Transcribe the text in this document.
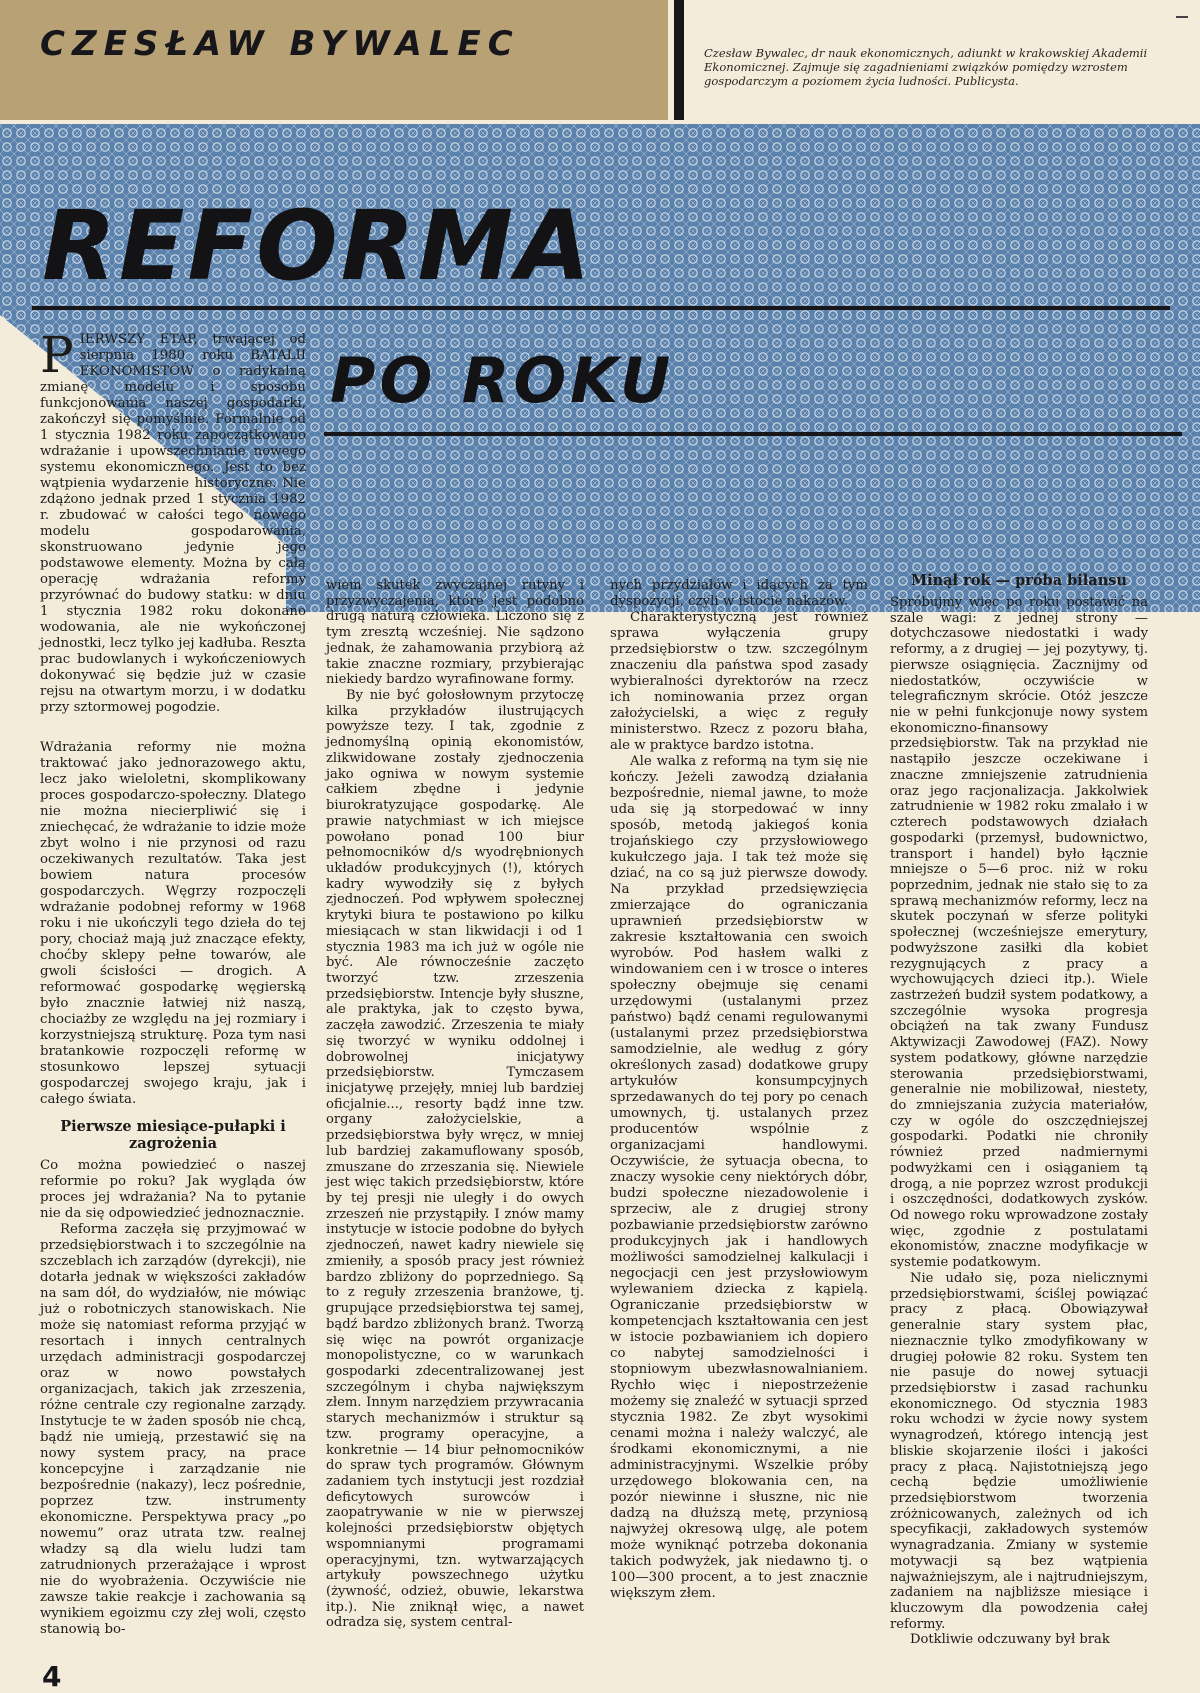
CZESŁAW BYWALEC	Czesław Bywalec, dr nauk ekonomicznych, adiunkt w krakowskiej Akademii Ekonomicznej. Zajmuje się zagadnieniami związków pomiędzy wzrostem gospodarczym a poziomem życia ludności. Publicysta.
REFORMA
PO ROKU

PIERWSZY ETAP, trwającej od sierpnia 1980 roku BATALII EKONOMISTÓW o radykalną zmianę modelu i sposobu funkcjonowania naszej gospodarki, zakończył się pomyślnie. Formalnie od 1 stycznia 1982 roku zapoczątkowano wdrażanie i upowszechnianie nowego systemu ekonomicznego. Jest to bez wątpienia wydarzenie historyczne. Nie zdążono jednak przed 1 stycznia 1982 r. zbudować w całości tego nowego modelu gospodarowania, skonstruowano jedynie jego podstawowe elementy. Można by całą operację wdrażania reformy przyrównać do budowy statku: w dniu 1 stycznia 1982 roku dokonano wodowania, ale nie wykończonej jednostki, lecz tylko jej kadłuba. Reszta prac budowlanych i wykończeniowych dokonywać się będzie już w czasie rejsu na otwartym morzu, i w dodatku przy sztormowej pogodzie.

Wdrażania reformy nie można traktować jako jednorazowego aktu, lecz jako wieloletni, skomplikowany proces gospodarczo-społeczny. Dlatego nie można niecierpliwić się i zniechęcać, że wdrażanie to idzie może zbyt wolno i nie przynosi od razu oczekiwanych rezultatów. Taka jest bowiem natura procesów gospodarczych. Węgrzy rozpoczęli wdrażanie podobnej reformy w 1968 roku i nie ukończyli tego dzieła do tej pory, chociaż mają już znaczące efekty, choćby sklepy pełne towarów, ale gwoli ścisłości — drogich. A reformować gospodarkę węgierską było znacznie łatwiej niż naszą, chociażby ze względu na jej rozmiary i korzystniejszą strukturę. Poza tym nasi bratankowie rozpoczęli reformę w stosunkowo lepszej sytuacji gospodarczej swojego kraju, jak i całego świata.

Pierwsze miesiące-pułapki i zagrożenia

Co można powiedzieć o naszej reformie po roku? Jak wygląda ów proces jej wdrażania? Na to pytanie nie da się odpowiedzieć jednoznacznie.

Reforma zaczęła się przyjmować w przedsiębiorstwach i to szczególnie na szczeblach ich zarządów (dyrekcji), nie dotarła jednak w większości zakładów na sam dół, do wydziałów, nie mówiąc już o robotniczych stanowiskach. Nie może się natomiast reforma przyjąć w resortach i innych centralnych urzędach administracji gospodarczej oraz w nowo powstałych organizacjach, takich jak zrzeszenia, różne centrale czy regionalne zarządy. Instytucje te w żaden sposób nie chcą, bądź nie umieją, przestawić się na nowy system pracy, na prace koncepcyjne i zarządzanie nie bezpośrednie (nakazy), lecz pośrednie, poprzez tzw. instrumenty ekonomiczne. Perspektywa pracy „po nowemu” oraz utrata tzw. realnej władzy są dla wielu ludzi tam zatrudnionych przerażające i wprost nie do wyobrażenia. Oczywiście nie zawsze takie reakcje i zachowania są wynikiem egoizmu czy złej woli, często stanowią bo-

wiem skutek zwyczajnej rutyny i przyzwyczajenia, które jest podobno drugą naturą człowieka. Liczono się z tym zresztą wcześniej. Nie sądzono jednak, że zahamowania przybiorą aż takie znaczne rozmiary, przybierając niekiedy bardzo wyrafinowane formy.

By nie być gołosłownym przytoczę kilka przykładów ilustrujących powyższe tezy. I tak, zgodnie z jednomyślną opinią ekonomistów, zlikwidowane zostały zjednoczenia jako ogniwa w nowym systemie całkiem zbędne i jedynie biurokratyzujące gospodarkę. Ale prawie natychmiast w ich miejsce powołano ponad 100 biur pełnomocników d/s wyodrębnionych układów produkcyjnych (!), których kadry wywodziły się z byłych zjednoczeń. Pod wpływem społecznej krytyki biura te postawiono po kilku miesiącach w stan likwidacji i od 1 stycznia 1983 ma ich już w ogóle nie być. Ale równocześnie zaczęto tworzyć tzw. zrzeszenia przedsiębiorstw. Intencje były słuszne, ale praktyka, jak to często bywa, zaczęła zawodzić. Zrzeszenia te miały się tworzyć w wyniku oddolnej i dobrowolnej inicjatywy przedsiębiorstw. Tymczasem inicjatywę przejęły, mniej lub bardziej oficjalnie..., resorty bądź inne tzw. organy założycielskie, a przedsiębiorstwa były wręcz, w mniej lub bardziej zakamuflowany sposób, zmuszane do zrzeszania się. Niewiele jest więc takich przedsiębiorstw, które by tej presji nie uległy i do owych zrzeszeń nie przystąpiły. I znów mamy instytucje w istocie podobne do byłych zjednoczeń, nawet kadry niewiele się zmieniły, a sposób pracy jest również bardzo zbliżony do poprzedniego. Są to z reguły zrzeszenia branżowe, tj. grupujące przedsiębiorstwa tej samej, bądź bardzo zbliżonych branż. Tworzą się więc na powrót organizacje monopolistyczne, co w warunkach gospodarki zdecentralizowanej jest szczególnym i chyba największym złem. Innym narzędziem przywracania starych mechanizmów i struktur są tzw. programy operacyjne, a konkretnie — 14 biur pełnomocników do spraw tych programów. Głównym zadaniem tych instytucji jest rozdział deficytowych surowców i zaopatrywanie w nie w pierwszej kolejności przedsiębiorstw objętych wspomnianymi programami operacyjnymi, tzn. wytwarzających artykuły powszechnego użytku (żywność, odzież, obuwie, lekarstwa itp.). Nie zniknął więc, a nawet odradza się, system central-

nych przydziałów i idących za tym dyspozycji, czyli w istocie nakazów.

Charakterystyczną jest również sprawa wyłączenia grupy przedsiębiorstw o tzw. szczególnym znaczeniu dla państwa spod zasady wybieralności dyrektorów na rzecz ich nominowania przez organ założycielski, a więc z reguły ministerstwo. Rzecz z pozoru błaha, ale w praktyce bardzo istotna.

Ale walka z reformą na tym się nie kończy. Jeżeli zawodzą działania bezpośrednie, niemal jawne, to może uda się ją storpedować w inny sposób, metodą jakiegoś konia trojańskiego czy przysłowiowego kukułczego jaja. I tak też może się dziać, na co są już pierwsze dowody. Na przykład przedsięwzięcia zmierzające do ograniczania uprawnień przedsiębiorstw w zakresie kształtowania cen swoich wyrobów. Pod hasłem walki z windowaniem cen i w trosce o interes społeczny obejmuje się cenami urzędowymi (ustalanymi przez państwo) bądź cenami regulowanymi (ustalanymi przez przedsiębiorstwa samodzielnie, ale według z góry określonych zasad) dodatkowe grupy artykułów konsumpcyjnych sprzedawanych do tej pory po cenach umownych, tj. ustalanych przez producentów wspólnie z organizacjami handlowymi. Oczywiście, że sytuacja obecna, to znaczy wysokie ceny niektórych dóbr, budzi społeczne niezadowolenie i sprzeciw, ale z drugiej strony pozbawianie przedsiębiorstw zarówno produkcyjnych jak i handlowych możliwości samodzielnej kalkulacji i negocjacji cen jest przysłowiowym wylewaniem dziecka z kąpielą. Ograniczanie przedsiębiorstw w kompetencjach kształtowania cen jest w istocie pozbawianiem ich dopiero co nabytej samodzielności i stopniowym ubezwłasnowalnianiem. Rychło więc i niepostrzeżenie możemy się znaleźć w sytuacji sprzed stycznia 1982. Ze zbyt wysokimi cenami można i należy walczyć, ale środkami ekonomicznymi, a nie administracyjnymi. Wszelkie próby urzędowego blokowania cen, na pozór niewinne i słuszne, nic nie dadzą na dłuższą metę, przyniosą najwyżej okresową ulgę, ale potem może wyniknąć potrzeba dokonania takich podwyżek, jak niedawno tj. o 100—300 procent, a to jest znacznie większym złem.

Minął rok — próba bilansu

Spróbujmy więc po roku postawić na szale wagi: z jednej strony — dotychczasowe niedostatki i wady reformy, a z drugiej — jej pozytywy, tj. pierwsze osiągnięcia. Zacznijmy od niedostatków, oczywiście w telegraficznym skrócie. Otóż jeszcze nie w pełni funkcjonuje nowy system ekonomiczno-finansowy przedsiębiorstw. Tak na przykład nie nastąpiło jeszcze oczekiwane i znaczne zmniejszenie zatrudnienia oraz jego racjonalizacja. Jakkolwiek zatrudnienie w 1982 roku zmalało i w czterech podstawowych działach gospodarki (przemysł, budownictwo, transport i handel) było łącznie mniejsze o 5—6 proc. niż w roku poprzednim, jednak nie stało się to za sprawą mechanizmów reformy, lecz na skutek poczynań w sferze polityki społecznej (wcześniejsze emerytury, podwyższone zasiłki dla kobiet rezygnujących z pracy a wychowujących dzieci itp.). Wiele zastrzeżeń budził system podatkowy, a szczególnie wysoka progresja obciążeń na tak zwany Fundusz Aktywizacji Zawodowej (FAZ). Nowy system podatkowy, główne narzędzie sterowania przedsiębiorstwami, generalnie nie mobilizował, niestety, do zmniejszania zużycia materiałów, czy w ogóle do oszczędniejszej gospodarki. Podatki nie chroniły również przed nadmiernymi podwyżkami cen i osiąganiem tą drogą, a nie poprzez wzrost produkcji i oszczędności, dodatkowych zysków. Od nowego roku wprowadzone zostały więc, zgodnie z postulatami ekonomistów, znaczne modyfikacje w systemie podatkowym.

Nie udało się, poza nielicznymi przedsiębiorstwami, ściślej powiązać pracy z płacą. Obowiązywał generalnie stary system płac, nieznacznie tylko zmodyfikowany w drugiej połowie 82 roku. System ten nie pasuje do nowej sytuacji przedsiębiorstw i zasad rachunku ekonomicznego. Od stycznia 1983 roku wchodzi w życie nowy system wynagrodzeń, którego intencją jest bliskie skojarzenie ilości i jakości pracy z płacą. Najistotniejszą jego cechą będzie umożliwienie przedsiębiorstwom tworzenia zróżnicowanych, zależnych od ich specyfikacji, zakładowych systemów wynagradzania. Zmiany w systemie motywacji są bez wątpienia najważniejszym, ale i najtrudniejszym, zadaniem na najbliższe miesiące i kluczowym dla powodzenia całej reformy.

Dotkliwie odczuwany był brak

4
